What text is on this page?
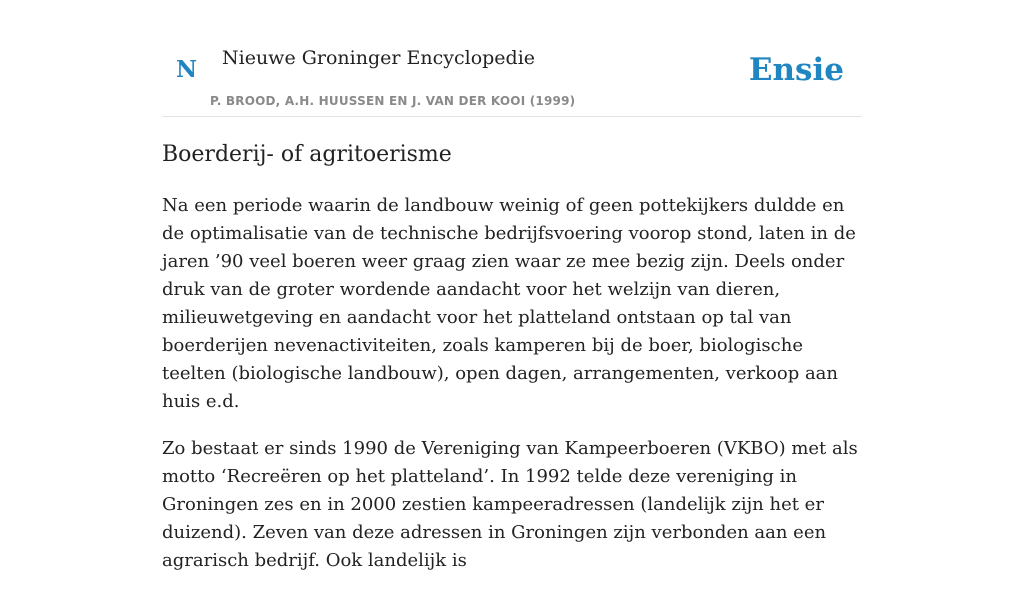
N Nieuwe Groninger Encyclopedie
P. BROOD, A.H. HUUSSEN EN J. VAN DER KOOI (1999)
Ensie
Boerderij- of agritoerisme

Na een periode waarin de landbouw weinig of geen pottekijkers duldde en de optimalisatie van de technische bedrijfsvoering voorop stond, laten in de jaren ’90 veel boeren weer graag zien waar ze mee bezig zijn. Deels onder druk van de groter wordende aandacht voor het welzijn van dieren, milieuwetgeving en aandacht voor het platteland ontstaan op tal van boerderijen nevenactiviteiten, zoals kamperen bij de boer, biologische teelten (biologische landbouw), open dagen, arrangementen, verkoop aan huis e.d.

Zo bestaat er sinds 1990 de Vereniging van Kampeerboeren (VKBO) met als motto ‘Recreëren op het platteland’. In 1992 telde deze vereniging in Groningen zes en in 2000 zestien kampeeradressen (landelijk zijn het er duizend). Zeven van deze adressen in Groningen zijn verbonden aan een agrarisch bedrijf. Ook landelijk is
